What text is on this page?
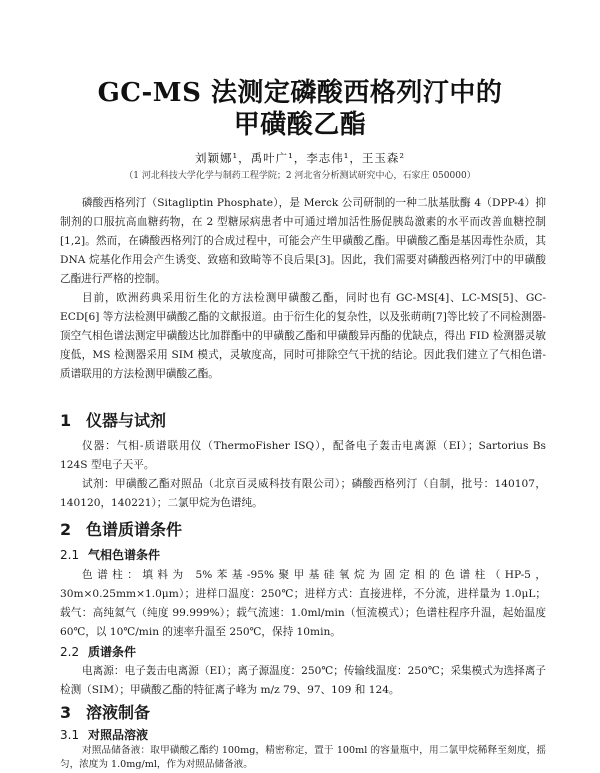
GC-MS 法测定磷酸西格列汀中的
甲磺酸乙酯
刘颖娜¹，禹叶广¹，李志伟¹，王玉森²
（1 河北科技大学化学与制药工程学院；2 河北省分析测试研究中心，石家庄 050000）

磷酸西格列汀（Sitagliptin Phosphate），是 Merck 公司研制的一种二肽基肽酶 4（DPP-4）抑制剂的口服抗高血糖药物，在 2 型糖尿病患者中可通过增加活性肠促胰岛激素的水平而改善血糖控制[1,2]。然而，在磷酸西格列汀的合成过程中，可能会产生甲磺酸乙酯。甲磺酸乙酯是基因毒性杂质，其 DNA 烷基化作用会产生诱变、致癌和致畸等不良后果[3]。因此，我们需要对磷酸西格列汀中的甲磺酸乙酯进行严格的控制。

目前，欧洲药典采用衍生化的方法检测甲磺酸乙酯，同时也有 GC-MS[4]、LC-MS[5]、GC-ECD[6] 等方法检测甲磺酸乙酯的文献报道。由于衍生化的复杂性，以及张萌萌[7]等比较了不同检测器-顶空气相色谱法测定甲磺酸达比加群酯中的甲磺酸乙酯和甲磺酸异丙酯的优缺点，得出 FID 检测器灵敏度低，MS 检测器采用 SIM 模式，灵敏度高，同时可排除空气干扰的结论。因此我们建立了气相色谱-质谱联用的方法检测甲磺酸乙酯。

1 仪器与试剂

仪器：气相-质谱联用仪（ThermoFisher ISQ），配备电子轰击电离源（EI）；Sartorius Bs 124S 型电子天平。

试剂：甲磺酸乙酯对照品（北京百灵威科技有限公司）；磷酸西格列汀（自制，批号：140107，140120，140221）；二氯甲烷为色谱纯。

2 色谱质谱条件
2.1 气相色谱条件

色谱柱：填料为 5%苯基-95%聚甲基硅氧烷为固定相的色谱柱（HP-5，30m×0.25mm×1.0μm）；进样口温度：250℃；进样方式：直接进样，不分流，进样量为 1.0μL；载气：高纯氦气（纯度 99.999%）；载气流速：1.0ml/min（恒流模式）；色谱柱程序升温，起始温度 60℃，以 10℃/min 的速率升温至 250℃，保持 10min。

2.2 质谱条件

电离源：电子轰击电离源（EI）；离子源温度：250℃；传输线温度：250℃；采集模式为选择离子检测（SIM）；甲磺酸乙酯的特征离子峰为 m/z 79、97、109 和 124。

3 溶液制备
3.1 对照品溶液

对照品储备液：取甲磺酸乙酯约 100mg，精密称定，置于 100ml 的容量瓶中，用二氯甲烷稀释至刻度，摇匀，浓度为 1.0mg/ml，作为对照品储备液。
